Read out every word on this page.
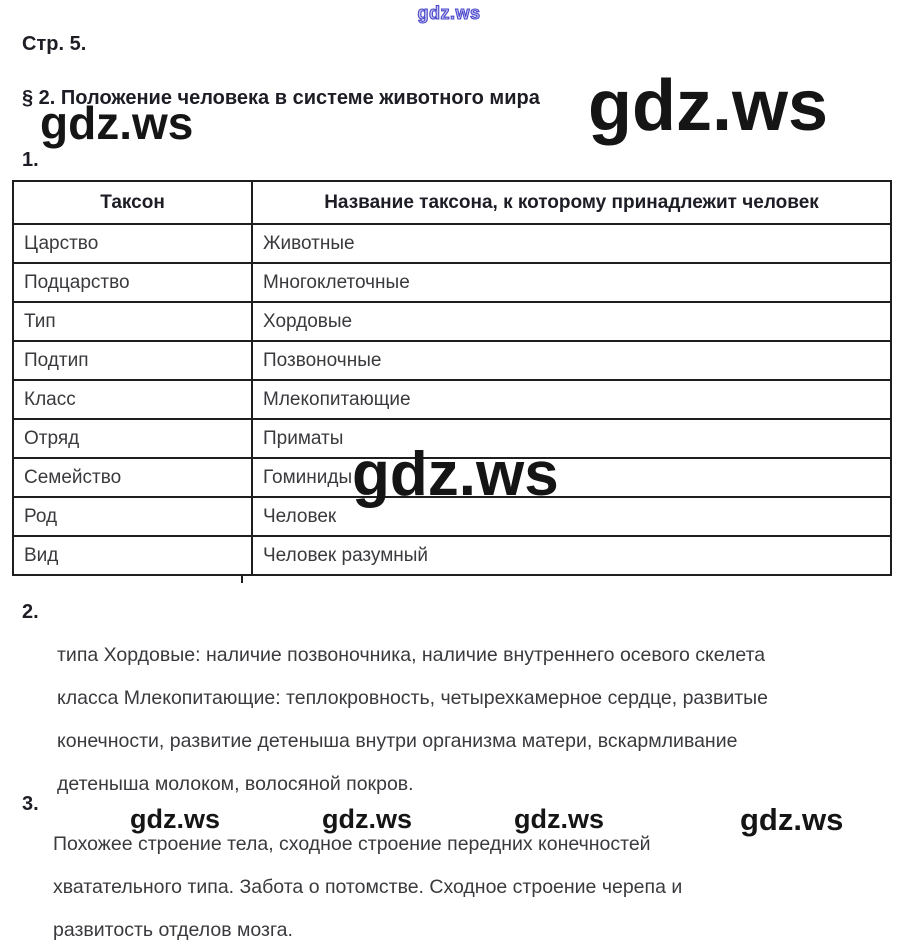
gdz.ws
gdz.ws	gdz.ws
gdz.ws
gdz.ws	gdz.ws	gdz.ws	gdz.ws
Стр. 5.
§ 2. Положение человека в системе животного мира
1.
Таксон	Название таксона, к которому принадлежит человек
Царство	Животные
Подцарство	Многоклеточные
Тип	Хордовые
Подтип	Позвоночные
Класс	Млекопитающие
Отряд	Приматы
Семейство	Гоминиды
Род	Человек
Вид	Человек разумный
2.
типа Хордовые: наличие позвоночника, наличие внутреннего осевого скелета
класса Млекопитающие: теплокровность, четырехкамерное сердце, развитые
конечности, развитие детеныша внутри организма матери, вскармливание
детеныша молоком, волосяной покров.
3.
Похожее строение тела, сходное строение передних конечностей
хватательного типа. Забота о потомстве. Сходное строение черепа и
развитость отделов мозга.
